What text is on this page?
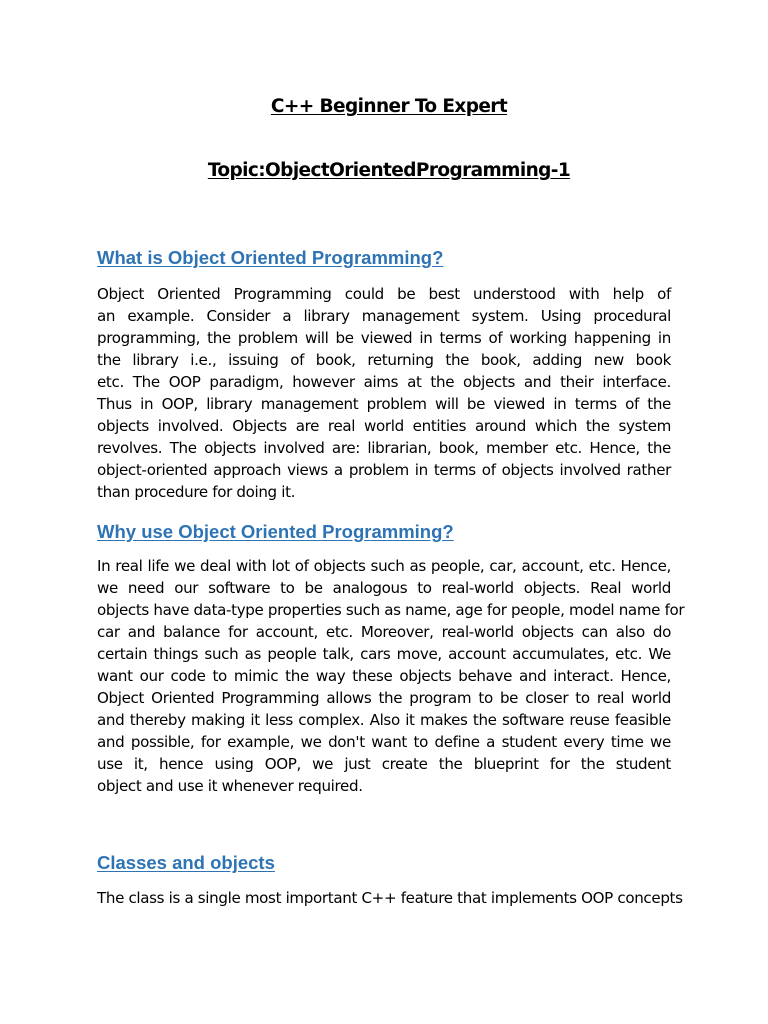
C++ Beginner To Expert
Topic:ObjectOrientedProgramming-1
What is Object Oriented Programming?
Object Oriented Programming could be best understood with help of
an example. Consider a library management system. Using procedural
programming, the problem will be viewed in terms of working happening in
the library i.e., issuing of book, returning the book, adding new book
etc. The OOP paradigm, however aims at the objects and their interface.
Thus in OOP, library management problem will be viewed in terms of the
objects involved. Objects are real world entities around which the system
revolves. The objects involved are: librarian, book, member etc. Hence, the
object-oriented approach views a problem in terms of objects involved rather
than procedure for doing it.
Why use Object Oriented Programming?
In real life we deal with lot of objects such as people, car, account, etc. Hence,
we need our software to be analogous to real-world objects. Real world
objects have data-type properties such as name, age for people, model name for
car and balance for account, etc. Moreover, real-world objects can also do
certain things such as people talk, cars move, account accumulates, etc. We
want our code to mimic the way these objects behave and interact. Hence,
Object Oriented Programming allows the program to be closer to real world
and thereby making it less complex. Also it makes the software reuse feasible
and possible, for example, we don't want to define a student every time we
use it, hence using OOP, we just create the blueprint for the student
object and use it whenever required.
Classes and objects
The class is a single most important C++ feature that implements OOP concepts
